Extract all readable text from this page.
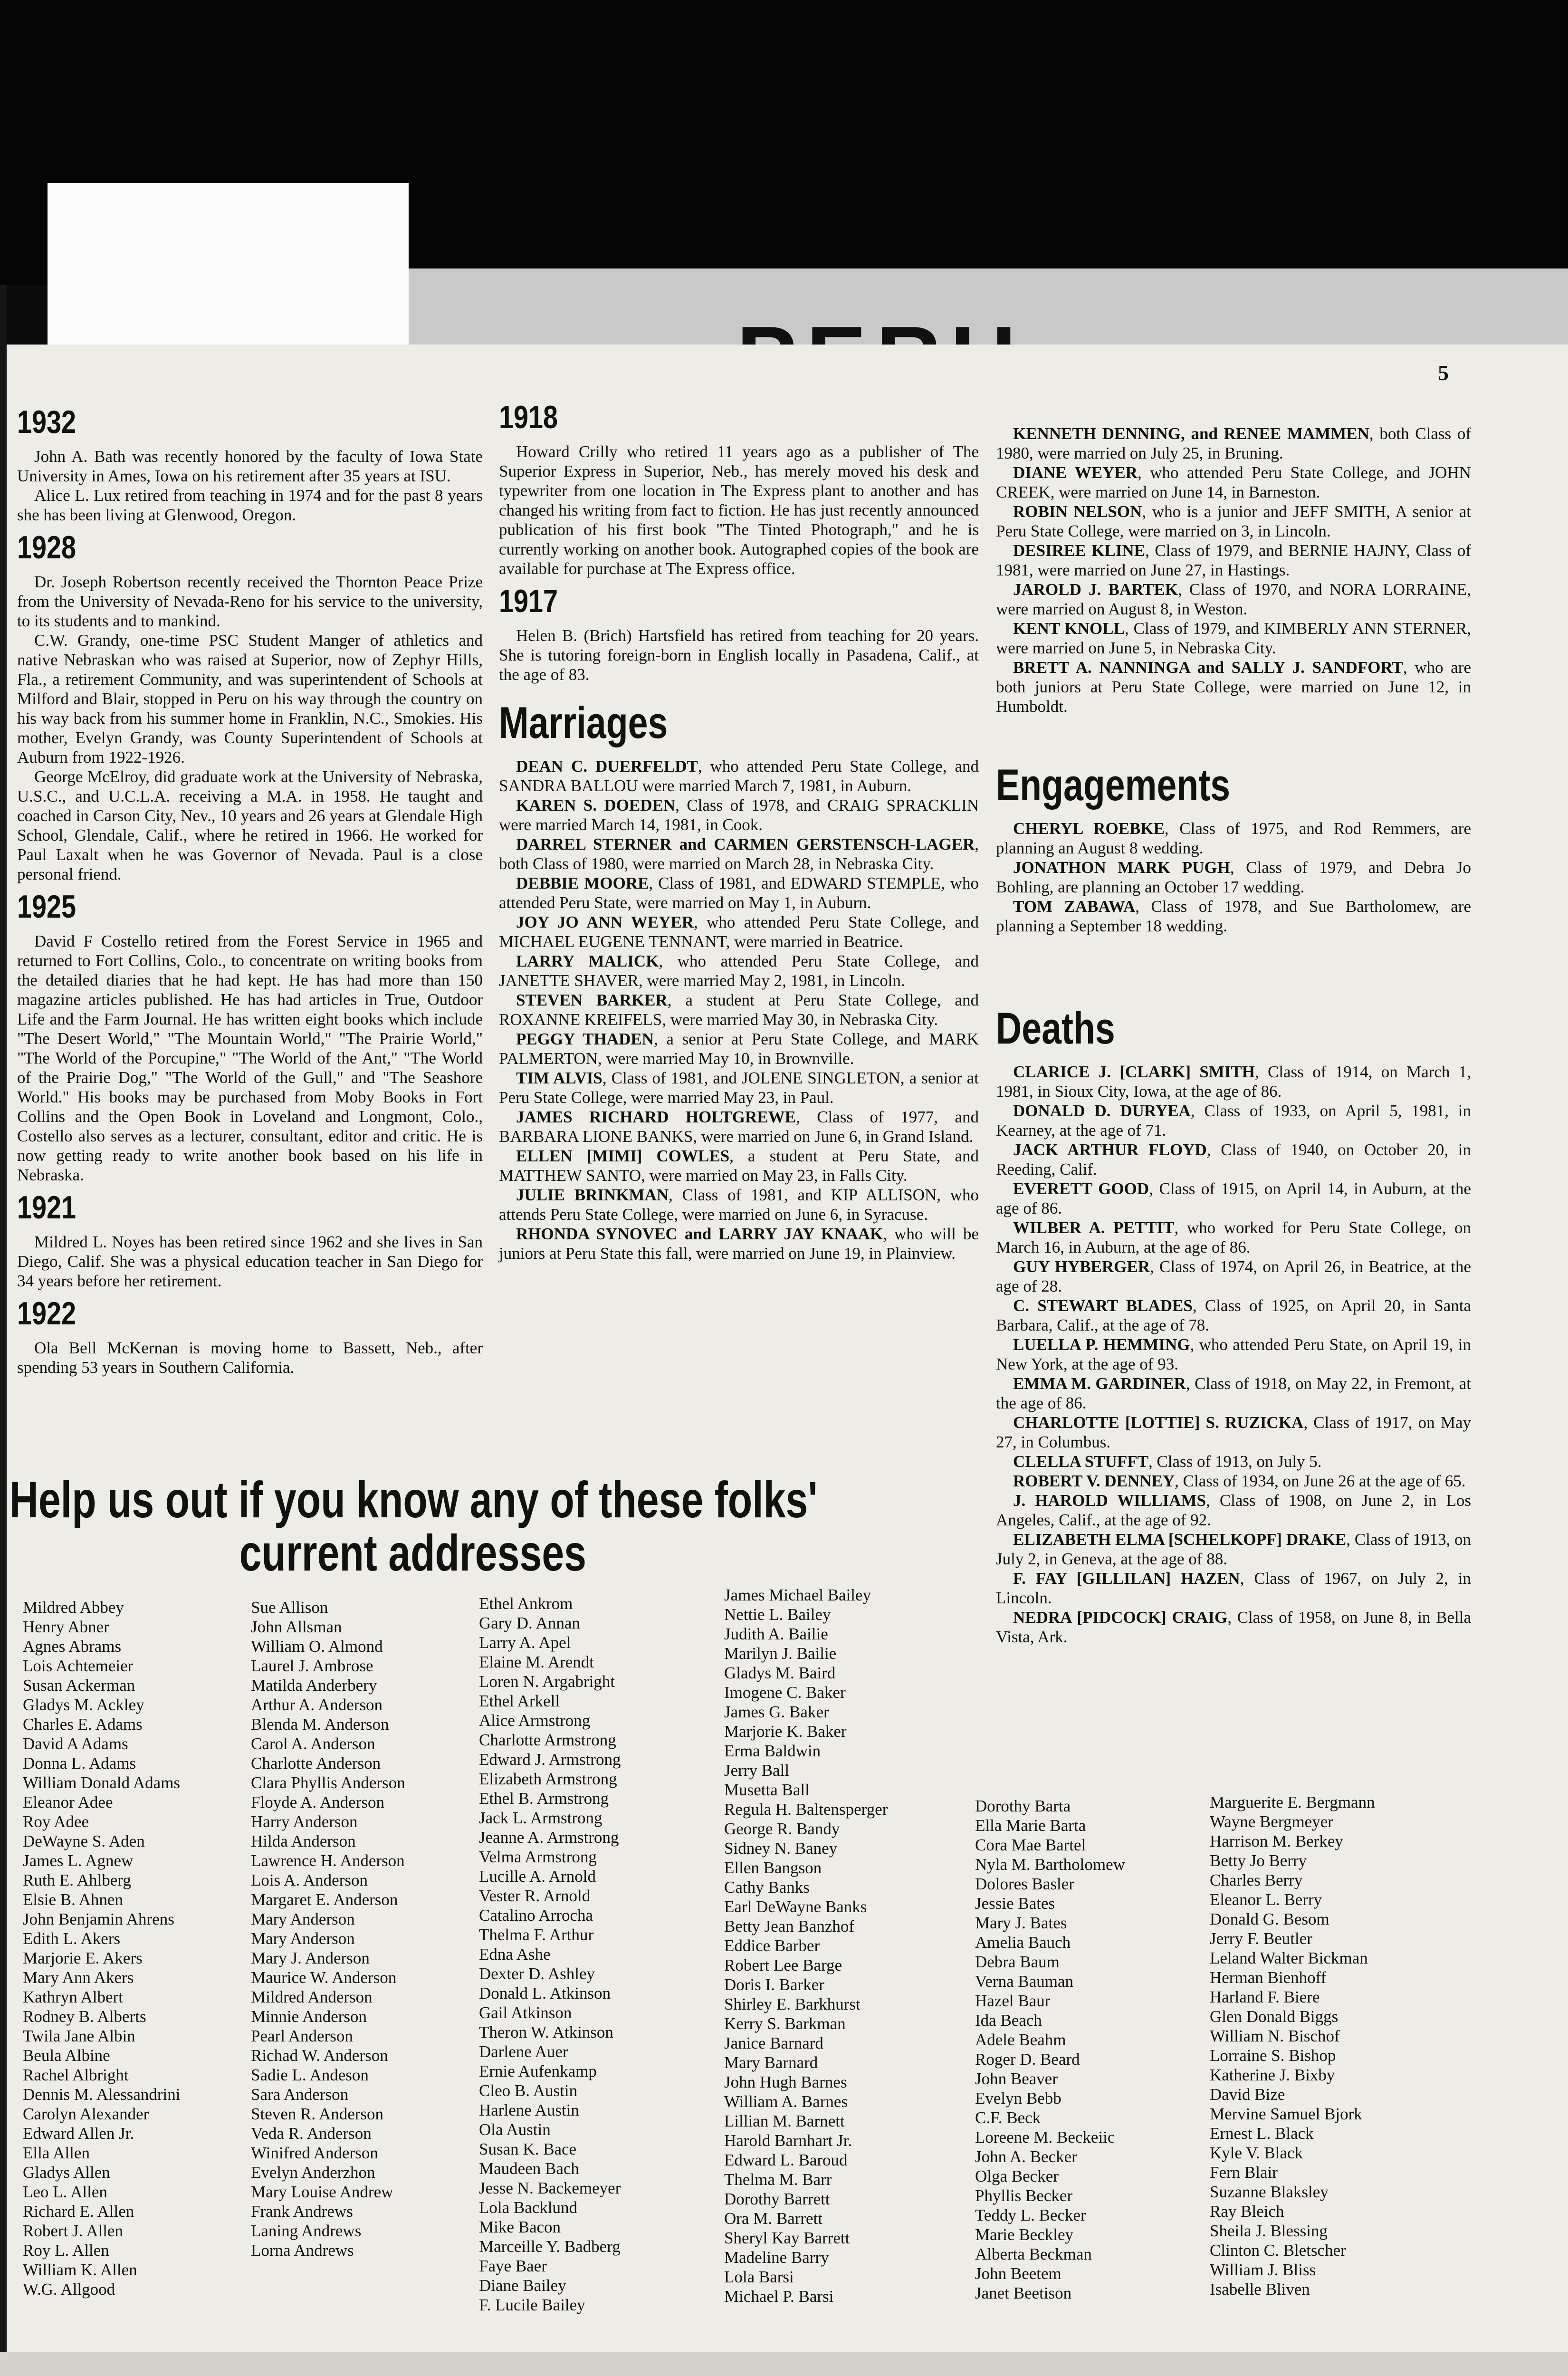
5
1932

John A. Bath was recently honored by the faculty of Iowa State University in Ames, Iowa on his retirement after 35 years at ISU.

Alice L. Lux retired from teaching in 1974 and for the past 8 years she has been living at Glenwood, Oregon.

1928

Dr. Joseph Robertson recently received the Thornton Peace Prize from the University of Nevada-Reno for his service to the university, to its students and to mankind.

C.W. Grandy, one-time PSC Student Manger of athletics and native Nebraskan who was raised at Superior, now of Zephyr Hills, Fla., a retirement Community, and was superintendent of Schools at Milford and Blair, stopped in Peru on his way through the country on his way back from his summer home in Franklin, N.C., Smokies. His mother, Evelyn Grandy, was County Superintendent of Schools at Auburn from 1922-1926.

George McElroy, did graduate work at the University of Nebraska, U.S.C., and U.C.L.A. receiving a M.A. in 1958. He taught and coached in Carson City, Nev., 10 years and 26 years at Glendale High School, Glendale, Calif., where he retired in 1966. He worked for Paul Laxalt when he was Governor of Nevada. Paul is a close personal friend.

1925

David F Costello retired from the Forest Service in 1965 and returned to Fort Collins, Colo., to concentrate on writing books from the detailed diaries that he had kept. He has had more than 150 magazine articles published. He has had articles in True, Outdoor Life and the Farm Journal. He has written eight books which include "The Desert World," "The Mountain World," "The Prairie World," "The World of the Porcupine," "The World of the Ant," "The World of the Prairie Dog," "The World of the Gull," and "The Seashore World." His books may be purchased from Moby Books in Fort Collins and the Open Book in Loveland and Longmont, Colo., Costello also serves as a lecturer, consultant, editor and critic. He is now getting ready to write another book based on his life in Nebraska.

1921

Mildred L. Noyes has been retired since 1962 and she lives in San Diego, Calif. She was a physical education teacher in San Diego for 34 years before her retirement.

1922

Ola Bell McKernan is moving home to Bassett, Neb., after spending 53 years in Southern California.

1918

Howard Crilly who retired 11 years ago as a publisher of The Superior Express in Superior, Neb., has merely moved his desk and typewriter from one location in The Express plant to another and has changed his writing from fact to fiction. He has just recently announced publication of his first book "The Tinted Photograph," and he is currently working on another book. Autographed copies of the book are available for purchase at The Express office.

1917

Helen B. (Brich) Hartsfield has retired from teaching for 20 years. She is tutoring foreign-born in English locally in Pasadena, Calif., at the age of 83.

Marriages

DEAN C. DUERFELDT, who attended Peru State College, and SANDRA BALLOU were married March 7, 1981, in Auburn.

KAREN S. DOEDEN, Class of 1978, and CRAIG SPRACKLIN were married March 14, 1981, in Cook.

DARREL STERNER and CARMEN GERSTENSCH-LAGER, both Class of 1980, were married on March 28, in Nebraska City.

DEBBIE MOORE, Class of 1981, and EDWARD STEMPLE, who attended Peru State, were married on May 1, in Auburn.

JOY JO ANN WEYER, who attended Peru State College, and MICHAEL EUGENE TENNANT, were married in Beatrice.

LARRY MALICK, who attended Peru State College, and JANETTE SHAVER, were married May 2, 1981, in Lincoln.

STEVEN BARKER, a student at Peru State College, and ROXANNE KREIFELS, were married May 30, in Nebraska City.

PEGGY THADEN, a senior at Peru State College, and MARK PALMERTON, were married May 10, in Brownville.

TIM ALVIS, Class of 1981, and JOLENE SINGLETON, a senior at Peru State College, were married May 23, in Paul.

JAMES RICHARD HOLTGREWE, Class of 1977, and BARBARA LIONE BANKS, were married on June 6, in Grand Island.

ELLEN [MIMI] COWLES, a student at Peru State, and MATTHEW SANTO, were married on May 23, in Falls City.

JULIE BRINKMAN, Class of 1981, and KIP ALLISON, who attends Peru State College, were married on June 6, in Syracuse.

RHONDA SYNOVEC and LARRY JAY KNAAK, who will be juniors at Peru State this fall, were married on June 19, in Plainview.

KENNETH DENNING, and RENEE MAMMEN, both Class of 1980, were married on July 25, in Bruning.

DIANE WEYER, who attended Peru State College, and JOHN CREEK, were married on June 14, in Barneston.

ROBIN NELSON, who is a junior and JEFF SMITH, A senior at Peru State College, were married on 3, in Lincoln.

DESIREE KLINE, Class of 1979, and BERNIE HAJNY, Class of 1981, were married on June 27, in Hastings.

JAROLD J. BARTEK, Class of 1970, and NORA LORRAINE, were married on August 8, in Weston.

KENT KNOLL, Class of 1979, and KIMBERLY ANN STERNER, were married on June 5, in Nebraska City.

BRETT A. NANNINGA and SALLY J. SANDFORT, who are both juniors at Peru State College, were married on June 12, in Humboldt.

Engagements

CHERYL ROEBKE, Class of 1975, and Rod Remmers, are planning an August 8 wedding.

JONATHON MARK PUGH, Class of 1979, and Debra Jo Bohling, are planning an October 17 wedding.

TOM ZABAWA, Class of 1978, and Sue Bartholomew, are planning a September 18 wedding.

Deaths

CLARICE J. [CLARK] SMITH, Class of 1914, on March 1, 1981, in Sioux City, Iowa, at the age of 86.

DONALD D. DURYEA, Class of 1933, on April 5, 1981, in Kearney, at the age of 71.

JACK ARTHUR FLOYD, Class of 1940, on October 20, in Reeding, Calif.

EVERETT GOOD, Class of 1915, on April 14, in Auburn, at the age of 86.

WILBER A. PETTIT, who worked for Peru State College, on March 16, in Auburn, at the age of 86.

GUY HYBERGER, Class of 1974, on April 26, in Beatrice, at the age of 28.

C. STEWART BLADES, Class of 1925, on April 20, in Santa Barbara, Calif., at the age of 78.

LUELLA P. HEMMING, who attended Peru State, on April 19, in New York, at the age of 93.

EMMA M. GARDINER, Class of 1918, on May 22, in Fremont, at the age of 86.

CHARLOTTE [LOTTIE] S. RUZICKA, Class of 1917, on May 27, in Columbus.

CLELLA STUFFT, Class of 1913, on July 5.

ROBERT V. DENNEY, Class of 1934, on June 26 at the age of 65.

J. HAROLD WILLIAMS, Class of 1908, on June 2, in Los Angeles, Calif., at the age of 92.

ELIZABETH ELMA [SCHELKOPF] DRAKE, Class of 1913, on July 2, in Geneva, at the age of 88.

F. FAY [GILLILAN] HAZEN, Class of 1967, on July 2, in Lincoln.

NEDRA [PIDCOCK] CRAIG, Class of 1958, on June 8, in Bella Vista, Ark.

Help us out if you know any of these folks'
current addresses
Mildred Abbey
Henry Abner
Agnes Abrams
Lois Achtemeier
Susan Ackerman
Gladys M. Ackley
Charles E. Adams
David A Adams
Donna L. Adams
William Donald Adams
Eleanor Adee
Roy Adee
DeWayne S. Aden
James L. Agnew
Ruth E. Ahlberg
Elsie B. Ahnen
John Benjamin Ahrens
Edith L. Akers
Marjorie E. Akers
Mary Ann Akers
Kathryn Albert
Rodney B. Alberts
Twila Jane Albin
Beula Albine
Rachel Albright
Dennis M. Alessandrini
Carolyn Alexander
Edward Allen Jr.
Ella Allen
Gladys Allen
Leo L. Allen
Richard E. Allen
Robert J. Allen
Roy L. Allen
William K. Allen
W.G. Allgood
Sue Allison
John Allsman
William O. Almond
Laurel J. Ambrose
Matilda Anderbery
Arthur A. Anderson
Blenda M. Anderson
Carol A. Anderson
Charlotte Anderson
Clara Phyllis Anderson
Floyde A. Anderson
Harry Anderson
Hilda Anderson
Lawrence H. Anderson
Lois A. Anderson
Margaret E. Anderson
Mary Anderson
Mary Anderson
Mary J. Anderson
Maurice W. Anderson
Mildred Anderson
Minnie Anderson
Pearl Anderson
Richad W. Anderson
Sadie L. Andeson
Sara Anderson
Steven R. Anderson
Veda R. Anderson
Winifred Anderson
Evelyn Anderzhon
Mary Louise Andrew
Frank Andrews
Laning Andrews
Lorna Andrews
Ethel Ankrom
Gary D. Annan
Larry A. Apel
Elaine M. Arendt
Loren N. Argabright
Ethel Arkell
Alice Armstrong
Charlotte Armstrong
Edward J. Armstrong
Elizabeth Armstrong
Ethel B. Armstrong
Jack L. Armstrong
Jeanne A. Armstrong
Velma Armstrong
Lucille A. Arnold
Vester R. Arnold
Catalino Arrocha
Thelma F. Arthur
Edna Ashe
Dexter D. Ashley
Donald L. Atkinson
Gail Atkinson
Theron W. Atkinson
Darlene Auer
Ernie Aufenkamp
Cleo B. Austin
Harlene Austin
Ola Austin
Susan K. Bace
Maudeen Bach
Jesse N. Backemeyer
Lola Backlund
Mike Bacon
Marceille Y. Badberg
Faye Baer
Diane Bailey
F. Lucile Bailey
James Michael Bailey
Nettie L. Bailey
Judith A. Bailie
Marilyn J. Bailie
Gladys M. Baird
Imogene C. Baker
James G. Baker
Marjorie K. Baker
Erma Baldwin
Jerry Ball
Musetta Ball
Regula H. Baltensperger
George R. Bandy
Sidney N. Baney
Ellen Bangson
Cathy Banks
Earl DeWayne Banks
Betty Jean Banzhof
Eddice Barber
Robert Lee Barge
Doris I. Barker
Shirley E. Barkhurst
Kerry S. Barkman
Janice Barnard
Mary Barnard
John Hugh Barnes
William A. Barnes
Lillian M. Barnett
Harold Barnhart Jr.
Edward L. Baroud
Thelma M. Barr
Dorothy Barrett
Ora M. Barrett
Sheryl Kay Barrett
Madeline Barry
Lola Barsi
Michael P. Barsi
Dorothy Barta
Ella Marie Barta
Cora Mae Bartel
Nyla M. Bartholomew
Dolores Basler
Jessie Bates
Mary J. Bates
Amelia Bauch
Debra Baum
Verna Bauman
Hazel Baur
Ida Beach
Adele Beahm
Roger D. Beard
John Beaver
Evelyn Bebb
C.F. Beck
Loreene M. Beckeiic
John A. Becker
Olga Becker
Phyllis Becker
Teddy L. Becker
Marie Beckley
Alberta Beckman
John Beetem
Janet Beetison
Marguerite E. Bergmann
Wayne Bergmeyer
Harrison M. Berkey
Betty Jo Berry
Charles Berry
Eleanor L. Berry
Donald G. Besom
Jerry F. Beutler
Leland Walter Bickman
Herman Bienhoff
Harland F. Biere
Glen Donald Biggs
William N. Bischof
Lorraine S. Bishop
Katherine J. Bixby
David Bize
Mervine Samuel Bjork
Ernest L. Black
Kyle V. Black
Fern Blair
Suzanne Blaksley
Ray Bleich
Sheila J. Blessing
Clinton C. Bletscher
William J. Bliss
Isabelle Bliven
